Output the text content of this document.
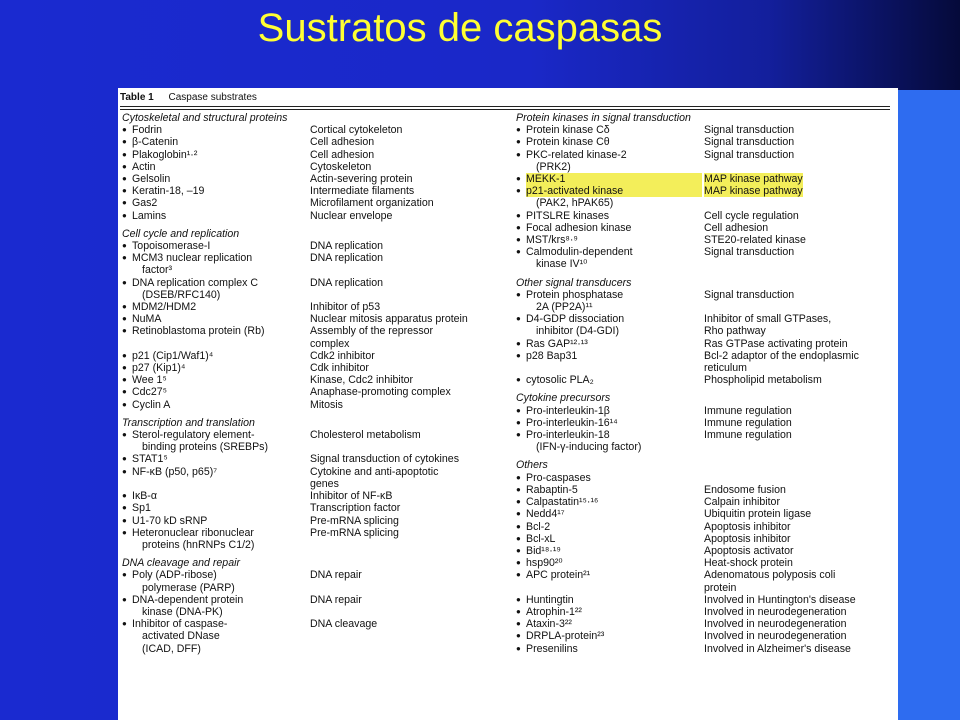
Sustratos de caspasas
Table 1 Caspase substrates
Cytoskeletal and structural proteins
● Fodrin	Cortical cytokeleton
● β-Catenin	Cell adhesion
● Plakoglobin¹·²	Cell adhesion
● Actin	Cytoskeleton
● Gelsolin	Actin-severing protein
● Keratin-18, –19	Intermediate filaments
● Gas2	Microfilament organization
● Lamins	Nuclear envelope
Cell cycle and replication
● Topoisomerase-I	DNA replication
● MCM3 nuclear replication	DNA replication
factor³
● DNA replication complex C	DNA replication
(DSEB/RFC140)
● MDM2/HDM2	Inhibitor of p53
● NuMA	Nuclear mitosis apparatus protein
● Retinoblastoma protein (Rb)	Assembly of the repressor
complex
● p21 (Cip1/Waf1)⁴	Cdk2 inhibitor
● p27 (Kip1)⁴	Cdk inhibitor
● Wee 1⁵	Kinase, Cdc2 inhibitor
● Cdc27⁵	Anaphase-promoting complex
● Cyclin A	Mitosis
Transcription and translation
● Sterol-regulatory element-	Cholesterol metabolism
binding proteins (SREBPs)
● STAT1⁵	Signal transduction of cytokines
● NF-κB (p50, p65)⁷	Cytokine and anti-apoptotic
genes
● IκB-α	Inhibitor of NF-κB
● Sp1	Transcription factor
● U1-70 kD sRNP	Pre-mRNA splicing
● Heteronuclear ribonuclear	Pre-mRNA splicing
proteins (hnRNPs C1/2)
DNA cleavage and repair
● Poly (ADP-ribose)	DNA repair
polymerase (PARP)
● DNA-dependent protein	DNA repair
kinase (DNA-PK)
● Inhibitor of caspase-	DNA cleavage
activated DNase
(ICAD, DFF)
Protein kinases in signal transduction
● Protein kinase Cδ	Signal transduction
● Protein kinase Cθ	Signal transduction
● PKC-related kinase-2	Signal transduction
(PRK2)
● MEKK-1	MAP kinase pathway
● p21-activated kinase	MAP kinase pathway
(PAK2, hPAK65)
● PITSLRE kinases	Cell cycle regulation
● Focal adhesion kinase	Cell adhesion
● MST/krs⁸·⁹	STE20-related kinase
● Calmodulin-dependent	Signal transduction
kinase IV¹⁰
Other signal transducers
● Protein phosphatase	Signal transduction
2A (PP2A)¹¹
● D4-GDP dissociation	Inhibitor of small GTPases,
inhibitor (D4-GDI)	Rho pathway
● Ras GAP¹²·¹³	Ras GTPase activating protein
● p28 Bap31	Bcl-2 adaptor of the endoplasmic
reticulum
● cytosolic PLA₂	Phospholipid metabolism
Cytokine precursors
● Pro-interleukin-1β	Immune regulation
● Pro-interleukin-16¹⁴	Immune regulation
● Pro-interleukin-18	Immune regulation
(IFN-γ-inducing factor)
Others
● Pro-caspases
● Rabaptin-5	Endosome fusion
● Calpastatin¹⁵·¹⁶	Calpain inhibitor
● Nedd4¹⁷	Ubiquitin protein ligase
● Bcl-2	Apoptosis inhibitor
● Bcl-xL	Apoptosis inhibitor
● Bid¹⁸·¹⁹	Apoptosis activator
● hsp90²⁰	Heat-shock protein
● APC protein²¹	Adenomatous polyposis coli
protein
● Huntingtin	Involved in Huntington's disease
● Atrophin-1²²	Involved in neurodegeneration
● Ataxin-3²²	Involved in neurodegeneration
● DRPLA-protein²³	Involved in neurodegeneration
● Presenilins	Involved in Alzheimer's disease
